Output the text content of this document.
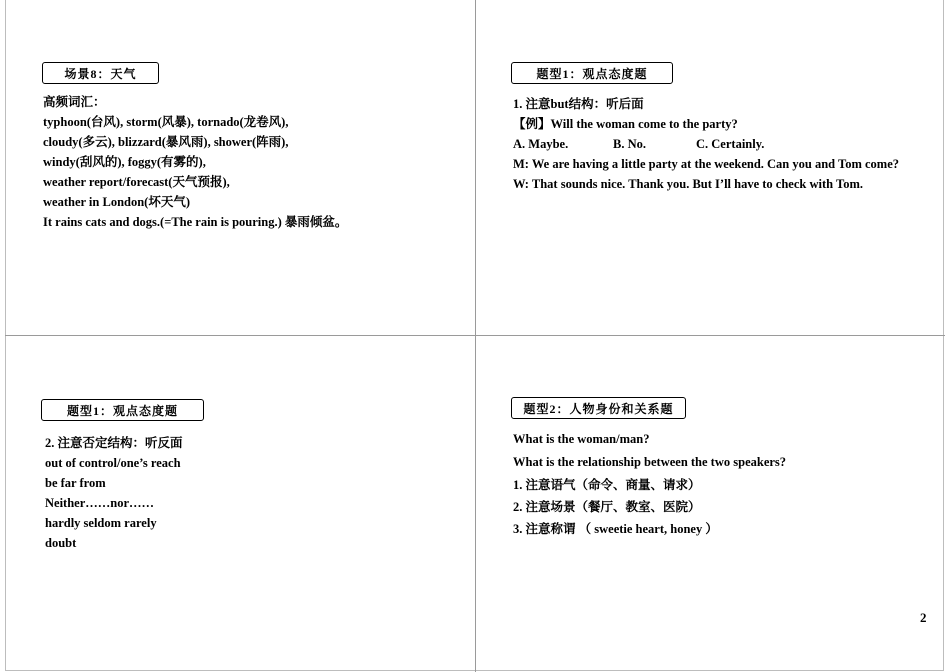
场景8：天气
高频词汇：
typhoon(台风), storm(风暴), tornado(龙卷风),
cloudy(多云), blizzard(暴风雨), shower(阵雨),
windy(刮风的), foggy(有雾的),
weather report/forecast(天气预报),
weather in London(坏天气)
It rains cats and dogs.(=The rain is pouring.) 暴雨倾盆。
题型1：观点态度题
1. 注意but结构：听后面
【例】Will the woman come to the party?
A. Maybe.	B. No.	C. Certainly.
M: We are having a little party at the weekend. Can you and Tom come?
W: That sounds nice. Thank you. But I’ll have to check with Tom.
题型1：观点态度题
2. 注意否定结构：听反面
out of control/one’s reach
be far from
Neither……nor……
hardly seldom rarely
doubt
题型2：人物身份和关系题
What is the woman/man?
What is the relationship between the two speakers?
1. 注意语气（命令、商量、请求）
2. 注意场景（餐厅、教室、医院）
3. 注意称谓 （ sweetie heart, honey ）
2
